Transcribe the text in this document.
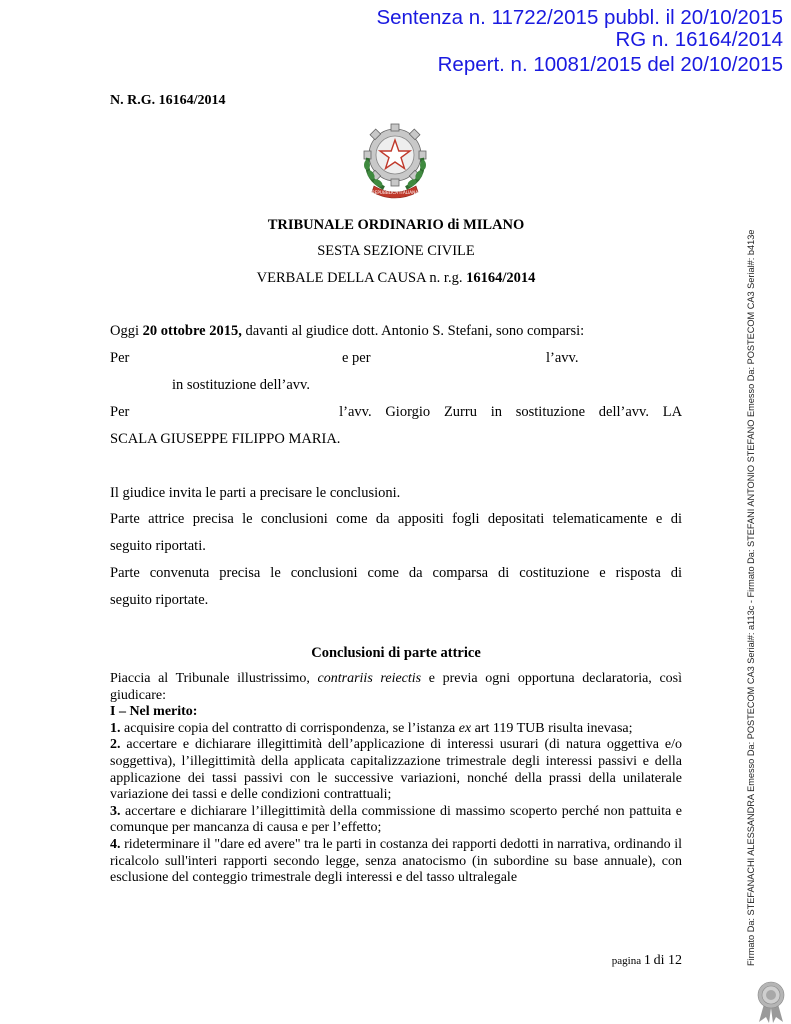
Sentenza n. 11722/2015 pubbl. il 20/10/2015
RG n. 16164/2014
Repert. n. 10081/2015 del 20/10/2015
N. R.G. 16164/2014
REPUBBLICA ITALIANA
TRIBUNALE ORDINARIO di MILANO
SESTA SEZIONE CIVILE
VERBALE DELLA CAUSA n. r.g. 16164/2014
Oggi 20 ottobre 2015, davanti al giudice dott. Antonio S. Stefani, sono comparsi:
Per	e per	l’avv.
in sostituzione dell’avv.
Per	l’avv. Giorgio Zurru in sostituzione dell’avv. LA
SCALA GIUSEPPE FILIPPO MARIA.
Il giudice invita le parti a precisare le conclusioni.
Parte attrice precisa le conclusioni come da appositi fogli depositati telematicamente e di
seguito riportati.
Parte convenuta precisa le conclusioni come da comparsa di costituzione e risposta di
seguito riportate.
Conclusioni di parte attrice

Piaccia al Tribunale illustrissimo, contrariis reiectis e previa ogni opportuna declaratoria, così giudicare:

I – Nel merito:

1. acquisire copia del contratto di corrispondenza, se l’istanza ex art 119 TUB risulta inevasa;

2. accertare e dichiarare illegittimità dell’applicazione di interessi usurari (di natura oggettiva e/o soggettiva), l’illegittimità della applicata capitalizzazione trimestrale degli interessi passivi e della applicazione dei tassi passivi con le successive variazioni, nonché della prassi della unilaterale variazione dei tassi e delle condizioni contrattuali;

3. accertare e dichiarare l’illegittimità della commissione di massimo scoperto perché non pattuita e comunque per mancanza di causa e per l’effetto;

4. rideterminare il "dare ed avere" tra le parti in costanza dei rapporti dedotti in narrativa, ordinando il ricalcolo sull'interi rapporti secondo legge, senza anatocismo (in subordine su base annuale), con esclusione del conteggio trimestrale degli interessi e del tasso ultralegale

pagina 1 di 12	Firmato Da: STEFANACHI ALESSANDRA Emesso Da: POSTECOM CA3 Serial#: a113c - Firmato Da: STEFANI ANTONIO STEFANO Emesso Da: POSTECOM CA3 Serial#: b413e
